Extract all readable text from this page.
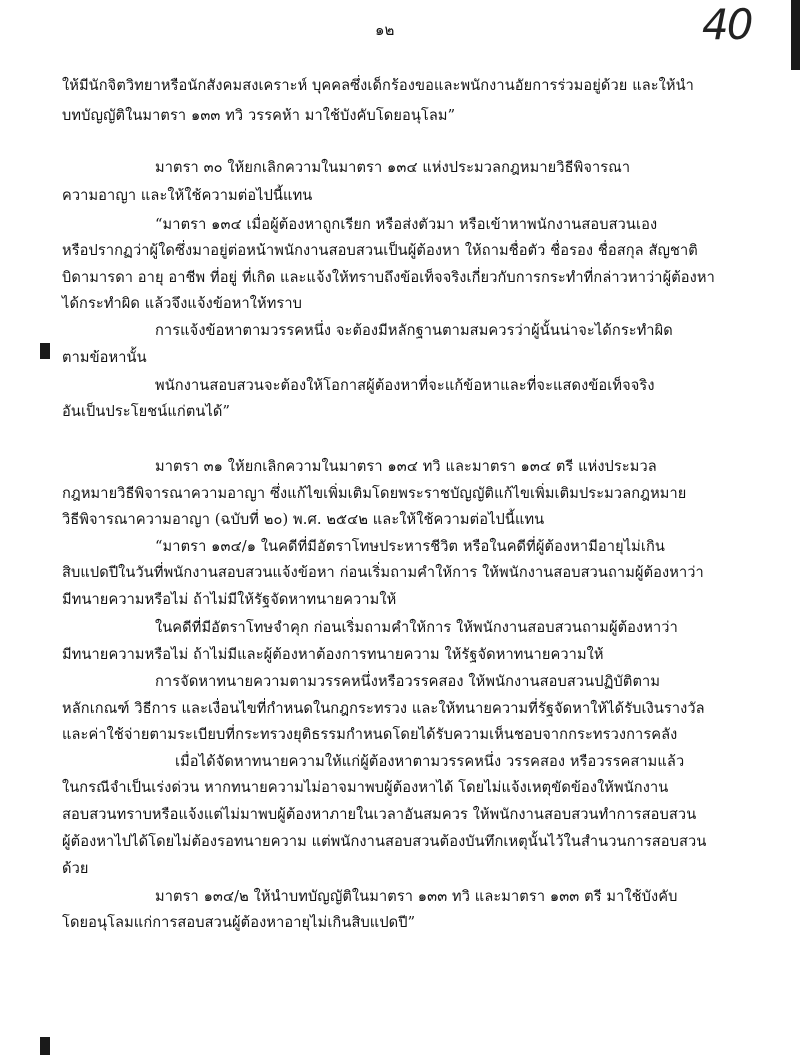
๑๒	40
ให้มีนักจิตวิทยาหรือนักสังคมสงเคราะห์ บุคคลซึ่งเด็กร้องขอและพนักงานอัยการร่วมอยู่ด้วย และให้นำ
บทบัญญัติในมาตรา ๑๓๓ ทวิ วรรคห้า มาใช้บังคับโดยอนุโลม”
มาตรา ๓๐ ให้ยกเลิกความในมาตรา ๑๓๔ แห่งประมวลกฎหมายวิธีพิจารณา
ความอาญา และให้ใช้ความต่อไปนี้แทน
“มาตรา ๑๓๔ เมื่อผู้ต้องหาถูกเรียก หรือส่งตัวมา หรือเข้าหาพนักงานสอบสวนเอง
หรือปรากฏว่าผู้ใดซึ่งมาอยู่ต่อหน้าพนักงานสอบสวนเป็นผู้ต้องหา ให้ถามชื่อตัว ชื่อรอง ชื่อสกุล สัญชาติ
บิดามารดา อายุ อาชีพ ที่อยู่ ที่เกิด และแจ้งให้ทราบถึงข้อเท็จจริงเกี่ยวกับการกระทำที่กล่าวหาว่าผู้ต้องหา
ได้กระทำผิด แล้วจึงแจ้งข้อหาให้ทราบ
การแจ้งข้อหาตามวรรคหนึ่ง จะต้องมีหลักฐานตามสมควรว่าผู้นั้นน่าจะได้กระทำผิด
ตามข้อหานั้น
พนักงานสอบสวนจะต้องให้โอกาสผู้ต้องหาที่จะแก้ข้อหาและที่จะแสดงข้อเท็จจริง
อันเป็นประโยชน์แก่ตนได้”
มาตรา ๓๑ ให้ยกเลิกความในมาตรา ๑๓๔ ทวิ และมาตรา ๑๓๔ ตรี แห่งประมวล
กฎหมายวิธีพิจารณาความอาญา ซึ่งแก้ไขเพิ่มเติมโดยพระราชบัญญัติแก้ไขเพิ่มเติมประมวลกฎหมาย
วิธีพิจารณาความอาญา (ฉบับที่ ๒๐) พ.ศ. ๒๕๔๒ และให้ใช้ความต่อไปนี้แทน
“มาตรา ๑๓๔/๑ ในคดีที่มีอัตราโทษประหารชีวิต หรือในคดีที่ผู้ต้องหามีอายุไม่เกิน
สิบแปดปีในวันที่พนักงานสอบสวนแจ้งข้อหา ก่อนเริ่มถามคำให้การ ให้พนักงานสอบสวนถามผู้ต้องหาว่า
มีทนายความหรือไม่ ถ้าไม่มีให้รัฐจัดหาทนายความให้
ในคดีที่มีอัตราโทษจำคุก ก่อนเริ่มถามคำให้การ ให้พนักงานสอบสวนถามผู้ต้องหาว่า
มีทนายความหรือไม่ ถ้าไม่มีและผู้ต้องหาต้องการทนายความ ให้รัฐจัดหาทนายความให้
การจัดหาทนายความตามวรรคหนึ่งหรือวรรคสอง ให้พนักงานสอบสวนปฏิบัติตาม
หลักเกณฑ์ วิธีการ และเงื่อนไขที่กำหนดในกฎกระทรวง และให้ทนายความที่รัฐจัดหาให้ได้รับเงินรางวัล
และค่าใช้จ่ายตามระเบียบที่กระทรวงยุติธรรมกำหนดโดยได้รับความเห็นชอบจากกระทรวงการคลัง
เมื่อได้จัดหาทนายความให้แก่ผู้ต้องหาตามวรรคหนึ่ง วรรคสอง หรือวรรคสามแล้ว
ในกรณีจำเป็นเร่งด่วน หากทนายความไม่อาจมาพบผู้ต้องหาได้ โดยไม่แจ้งเหตุขัดข้องให้พนักงาน
สอบสวนทราบหรือแจ้งแต่ไม่มาพบผู้ต้องหาภายในเวลาอันสมควร ให้พนักงานสอบสวนทำการสอบสวน
ผู้ต้องหาไปได้โดยไม่ต้องรอทนายความ แต่พนักงานสอบสวนต้องบันทึกเหตุนั้นไว้ในสำนวนการสอบสวน
ด้วย
มาตรา ๑๓๔/๒ ให้นำบทบัญญัติในมาตรา ๑๓๓ ทวิ และมาตรา ๑๓๓ ตรี มาใช้บังคับ
โดยอนุโลมแก่การสอบสวนผู้ต้องหาอายุไม่เกินสิบแปดปี”
